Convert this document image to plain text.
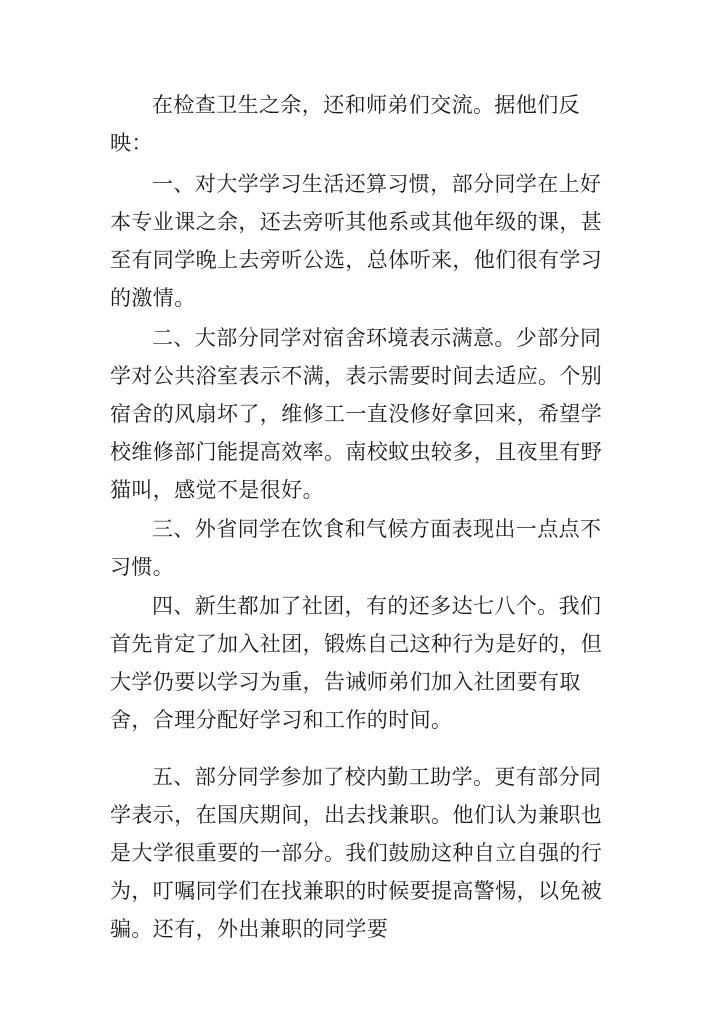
在检查卫生之余，还和师弟们交流。据他们反映：

一、对大学学习生活还算习惯，部分同学在上好本专业课之余，还去旁听其他系或其他年级的课，甚至有同学晚上去旁听公选，总体听来，他们很有学习的激情。

二、大部分同学对宿舍环境表示满意。少部分同学对公共浴室表示不满，表示需要时间去适应。个别宿舍的风扇坏了，维修工一直没修好拿回来，希望学校维修部门能提高效率。南校蚊虫较多，且夜里有野猫叫，感觉不是很好。

三、外省同学在饮食和气候方面表现出一点点不习惯。

四、新生都加了社团，有的还多达七八个。我们首先肯定了加入社团，锻炼自己这种行为是好的，但大学仍要以学习为重，告诫师弟们加入社团要有取舍，合理分配好学习和工作的时间。

五、部分同学参加了校内勤工助学。更有部分同学表示，在国庆期间，出去找兼职。他们认为兼职也是大学很重要的一部分。我们鼓励这种自立自强的行为，叮嘱同学们在找兼职的时候要提高警惕，以免被骗。还有，外出兼职的同学要
